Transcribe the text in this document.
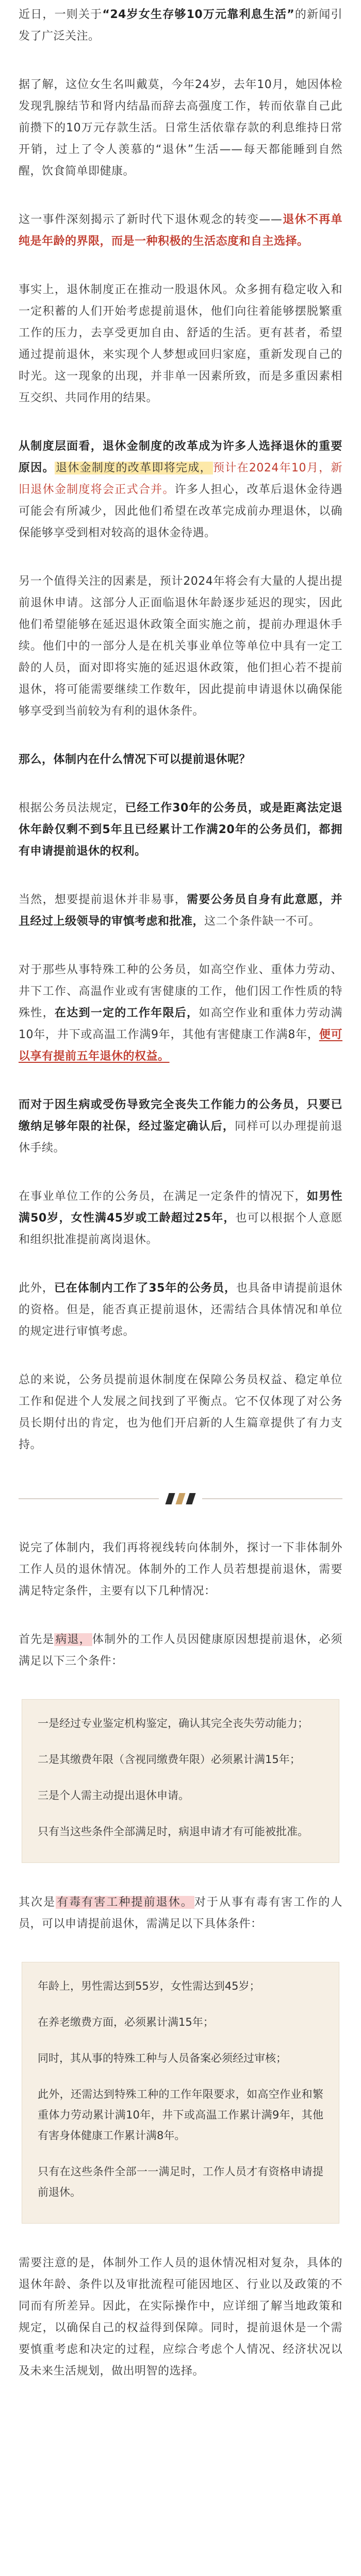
近日，一则关于“24岁女生存够10万元靠利息生活”的新闻引发了广泛关注。

据了解，这位女生名叫戴莫，今年24岁，去年10月，她因体检发现乳腺结节和肾内结晶而辞去高强度工作，转而依靠自己此前攒下的10万元存款生活。日常生活依靠存款的利息维持日常开销，过上了令人羡慕的“退休”生活——每天都能睡到自然醒，饮食简单即健康。

这一事件深刻揭示了新时代下退休观念的转变——退休不再单纯是年龄的界限，而是一种积极的生活态度和自主选择。

事实上，退休制度正在推动一股退休风。众多拥有稳定收入和一定积蓄的人们开始考虑提前退休，他们向往着能够摆脱繁重工作的压力，去享受更加自由、舒适的生活。更有甚者，希望通过提前退休，来实现个人梦想或回归家庭，重新发现自己的时光。这一现象的出现，并非单一因素所致，而是多重因素相互交织、共同作用的结果。

从制度层面看，退休金制度的改革成为许多人选择退休的重要原因。退休金制度的改革即将完成，预计在2024年10月，新旧退休金制度将会正式合并。许多人担心，改革后退休金待遇可能会有所减少，因此他们希望在改革完成前办理退休，以确保能够享受到相对较高的退休金待遇。

另一个值得关注的因素是，预计2024年将会有大量的人提出提前退休申请。这部分人正面临退休年龄逐步延迟的现实，因此他们希望能够在延迟退休政策全面实施之前，提前办理退休手续。他们中的一部分人是在机关事业单位等单位中具有一定工龄的人员，面对即将实施的延迟退休政策，他们担心若不提前退休，将可能需要继续工作数年，因此提前申请退休以确保能够享受到当前较为有利的退休条件。

那么，体制内在什么情况下可以提前退休呢？

根据公务员法规定，已经工作30年的公务员，或是距离法定退休年龄仅剩不到5年且已经累计工作满20年的公务员们，都拥有申请提前退休的权利。

当然，想要提前退休并非易事，需要公务员自身有此意愿，并且经过上级领导的审慎考虑和批准，这二个条件缺一不可。

对于那些从事特殊工种的公务员，如高空作业、重体力劳动、井下工作、高温作业或有害健康的工作，他们因工作性质的特殊性，在达到一定的工作年限后，如高空作业和重体力劳动满10年，井下或高温工作满9年，其他有害健康工作满8年，便可以享有提前五年退休的权益。

而对于因生病或受伤导致完全丧失工作能力的公务员，只要已缴纳足够年限的社保，经过鉴定确认后，同样可以办理提前退休手续。

在事业单位工作的公务员，在满足一定条件的情况下，如男性满50岁，女性满45岁或工龄超过25年，也可以根据个人意愿和组织批准提前离岗退休。

此外，已在体制内工作了35年的公务员，也具备申请提前退休的资格。但是，能否真正提前退休，还需结合具体情况和单位的规定进行审慎考虑。

总的来说，公务员提前退休制度在保障公务员权益、稳定单位工作和促进个人发展之间找到了平衡点。它不仅体现了对公务员长期付出的肯定，也为他们开启新的人生篇章提供了有力支持。

说完了体制内，我们再将视线转向体制外，探讨一下非体制外工作人员的退休情况。体制外的工作人员若想提前退休，需要满足特定条件，主要有以下几种情况：

首先是病退，体制外的工作人员因健康原因想提前退休，必须满足以下三个条件：

一是经过专业鉴定机构鉴定，确认其完全丧失劳动能力；

二是其缴费年限（含视同缴费年限）必须累计满15年；

三是个人需主动提出退休申请。

只有当这些条件全部满足时，病退申请才有可能被批准。

其次是有毒有害工种提前退休。对于从事有毒有害工作的人员，可以申请提前退休，需满足以下具体条件：

年龄上，男性需达到55岁，女性需达到45岁；

在养老缴费方面，必须累计满15年；

同时，其从事的特殊工种与人员备案必须经过审核；

此外，还需达到特殊工种的工作年限要求，如高空作业和繁重体力劳动累计满10年，井下或高温工作累计满9年，其他有害身体健康工作累计满8年。

只有在这些条件全部一一满足时，工作人员才有资格申请提前退休。

需要注意的是，体制外工作人员的退休情况相对复杂，具体的退休年龄、条件以及审批流程可能因地区、行业以及政策的不同而有所差异。因此，在实际操作中，应详细了解当地政策和规定，以确保自己的权益得到保障。同时，提前退休是一个需要慎重考虑和决定的过程，应综合考虑个人情况、经济状况以及未来生活规划，做出明智的选择。
